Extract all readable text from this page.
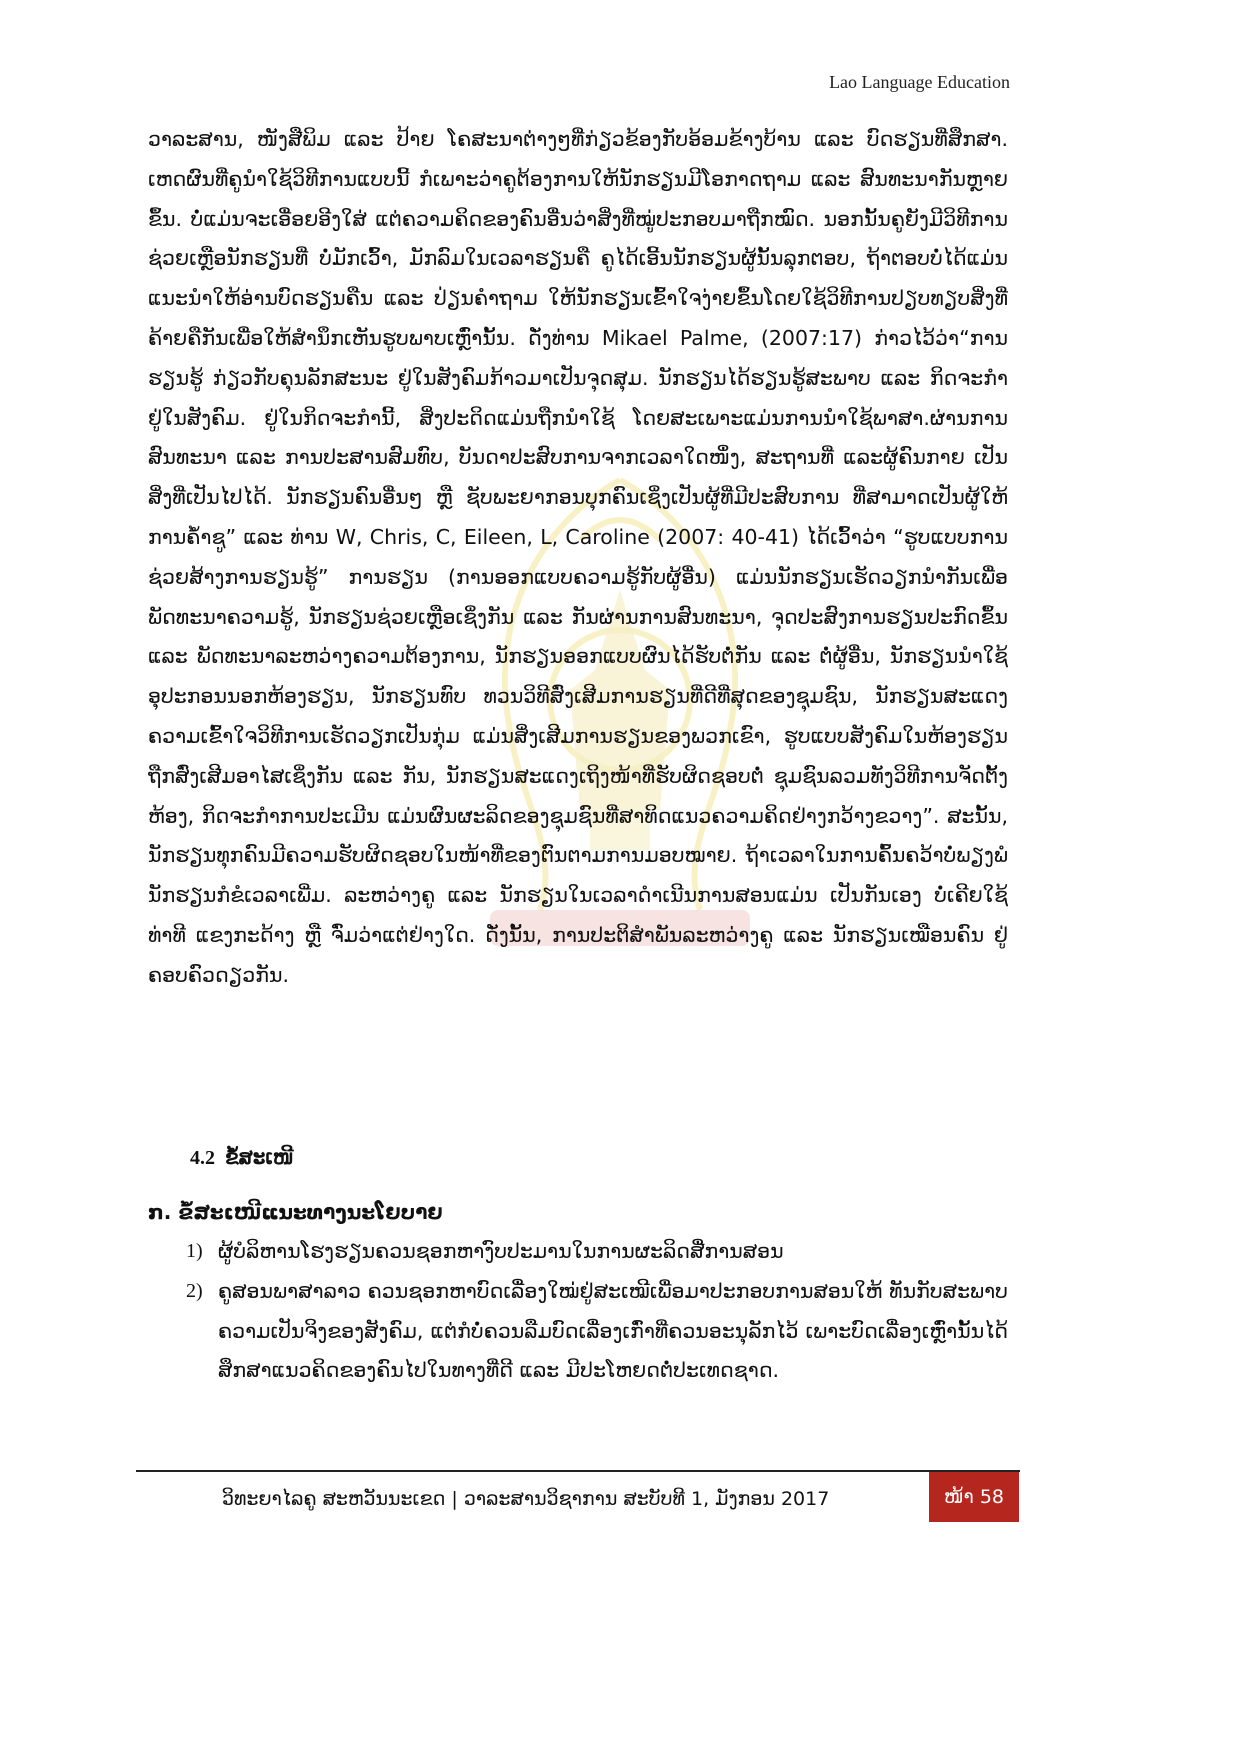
Lao Language Education

ວາລະສານ, ໜັງສືພິມ ແລະ ປ້າຍ ໂຄສະນາຕ່າງໆທີ່ກ່ຽວຂ້ອງກັບອ້ອມຂ້າງບ້ານ ແລະ ບົດຮຽນທີ່ສຶກສາ. ເຫດຜົນທີ່ຄູນຳໃຊ້ວິທີການແບບນີ້ ກໍເພາະວ່າຄູຕ້ອງການໃຫ້ນັກຮຽນມີໂອກາດຖາມ ແລະ ສົນທະນາກັນຫຼາຍຂຶ້ນ. ບໍ່ແມ່ນຈະເອື່ອຍອີງໃສ່ ແຕ່ຄວາມຄິດຂອງຄົນອື່ນວ່າສິ່ງທີ່ໝູ່ປະກອບມາຖືກໝົດ. ນອກນັ້ນຄູຍັງມີວິທີການຊ່ວຍເຫຼືອນັກຮຽນທີ່ ບໍ່ມັກເວົ້າ, ມັກລົມໃນເວລາຮຽນຄື ຄູໄດ້ເອີ້ນນັກຮຽນຜູ້ນັ້ນລຸກຕອບ, ຖ້າຕອບບໍ່ໄດ້ແມ່ນແນະນຳໃຫ້ອ່ານບົດຮຽນຄືນ ແລະ ປ່ຽນຄຳຖາມ ໃຫ້ນັກຮຽນເຂົ້າໃຈງ່າຍຂຶ້ນໂດຍໃຊ້ວິທີການປຽບທຽບສິ່ງທີ່ຄ້າຍຄືກັນເພື່ອໃຫ້ສຳນຶກເຫັນຮູບພາບເຫຼົ່ານັ້ນ. ດັ່ງທ່ານ Mikael Palme, (2007:17) ກ່າວໄວ້ວ່າ“ການຮຽນຮູ້ ກ່ຽວກັບຄຸນລັກສະນະ ຢູ່ໃນສັງຄົມກ້າວມາເປັນຈຸດສຸມ. ນັກຮຽນໄດ້ຮຽນຮູ້ສະພາບ ແລະ ກິດຈະກຳຢູ່ໃນສັງຄົມ. ຢູ່ໃນກິດຈະກຳນີ້, ສິ່ງປະດິດແມ່ນຖືກນຳໃຊ້ ໂດຍສະເພາະແມ່ນການນຳໃຊ້ພາສາ.ຜ່ານການສົນທະນາ ແລະ ການປະສານສົມທົບ, ບັນດາປະສົບການຈາກເວລາໃດໜຶ່ງ, ສະຖານທີ່ ແລະຜູ້ຄົນກາຍ ເປັນສິ່ງທີ່ເປັນໄປໄດ້. ນັກຮຽນຄົນອື່ນໆ ຫຼື ຊັບພະຍາກອນບຸກຄົນເຊິ່ງເປັນຜູ້ທີ່ມີປະສົບການ ທີ່ສາມາດເປັນຜູ້ໃຫ້ການຄ້ຳຊູ” ແລະ ທ່ານ W, Chris, C, Eileen, L, Caroline (2007: 40-41) ໄດ້ເວົ້າວ່າ “ຮູບແບບການຊ່ວຍສ້າງການຮຽນຮູ້” ການຮຽນ (ການອອກແບບຄວາມຮູ້ກັບຜູ້ອື່ນ) ແມ່ນນັກຮຽນເຮັດວຽກນຳກັນເພື່ອພັດທະນາຄວາມຮູ້, ນັກຮຽນຊ່ວຍເຫຼືອເຊິ່ງກັນ ແລະ ກັນຜ່ານການສົນທະນາ, ຈຸດປະສົງການຮຽນປະກົດຂຶ້ນ ແລະ ພັດທະນາລະຫວ່າງຄວາມຕ້ອງການ, ນັກຮຽນອອກແບບຜົນໄດ້ຮັບຕໍ່ກັນ ແລະ ຕໍ່ຜູ້ອື່ນ, ນັກຮຽນນຳໃຊ້ອຸປະກອນນອກຫ້ອງຮຽນ, ນັກຮຽນທົບ ທວນວິທີສົ່ງເສີມການຮຽນທີ່ດີທີ່ສຸດຂອງຊຸມຊົນ, ນັກຮຽນສະແດງຄວາມເຂົ້າໃຈວິທີການເຮັດວຽກເປັນກຸ່ມ ແມ່ນສິ່ງເສີມການຮຽນຂອງພວກເຂົາ, ຮູບແບບສັງຄົມໃນຫ້ອງຮຽນຖືກສົ່ງເສີມອາໄສເຊິ່ງກັນ ແລະ ກັນ, ນັກຮຽນສະແດງເຖິງໜ້າທີ່ຮັບຜິດຊອບຕໍ່ ຊຸມຊົນລວມທັງວິທີການຈັດຕັ້ງຫ້ອງ, ກິດຈະກຳການປະເມີນ ແມ່ນຜົນຜະລິດຂອງຊຸມຊົນທີ່ສາທິດແນວຄວາມຄິດຢ່າງກວ້າງຂວາງ”. ສະນັ້ນ, ນັກຮຽນທຸກຄົນມີຄວາມຮັບຜິດຊອບໃນໜ້າທີ່ຂອງຕົນຕາມການມອບໝາຍ. ຖ້າເວລາໃນການຄົ້ນຄວ້າບໍ່ພຽງພໍນັກຮຽນກໍຂໍເວລາເພີ່ມ. ລະຫວ່າງຄູ ແລະ ນັກຮຽນໃນເວລາດຳເນີນການສອນແມ່ນ ເປັນກັນເອງ ບໍ່ເຄີຍໃຊ້ທ່າທີ ແຂງກະດ້າງ ຫຼື ຈົ່ມວ່າແຕ່ຢ່າງໃດ. ດັ່ງນັ້ນ, ການປະຕິສຳພັນລະຫວ່າງຄູ ແລະ ນັກຮຽນເໝືອນຄົນ ຢູ່ຄອບຄົວດຽວກັນ.

4.2 ຂໍ້ສະເໜີ
ກ. ຂໍ້ສະເໜີແນະທາງນະໂຍບາຍ
1) ຜູ້ບໍລິຫານໂຮງຮຽນຄວນຊອກຫາງົບປະມານໃນການຜະລິດສື່ການສອນ
2) ຄູສອນພາສາລາວ ຄວນຊອກຫາບົດເລື່ອງໃໝ່ຢູ່ສະເໝີເພື່ອມາປະກອບການສອນໃຫ້ ທັນກັບສະພາບຄວາມເປັນຈິງຂອງສັງຄົມ, ແຕ່ກໍບໍ່ຄວນລືມບົດເລື່ອງເກົ່າທີ່ຄວນອະນຸລັກໄວ້ ເພາະບົດເລື່ອງເຫຼົ່ານັ້ນໄດ້ສຶກສາແນວຄິດຂອງຄົນໄປໃນທາງທີ່ດີ ແລະ ມີປະໂຫຍດຕໍ່ປະເທດຊາດ.
ວິທະຍາໄລຄູ ສະຫວັນນະເຂດ | ວາລະສານວິຊາການ ສະບັບທີ 1, ມັງກອນ 2017	ໜ້າ 58
